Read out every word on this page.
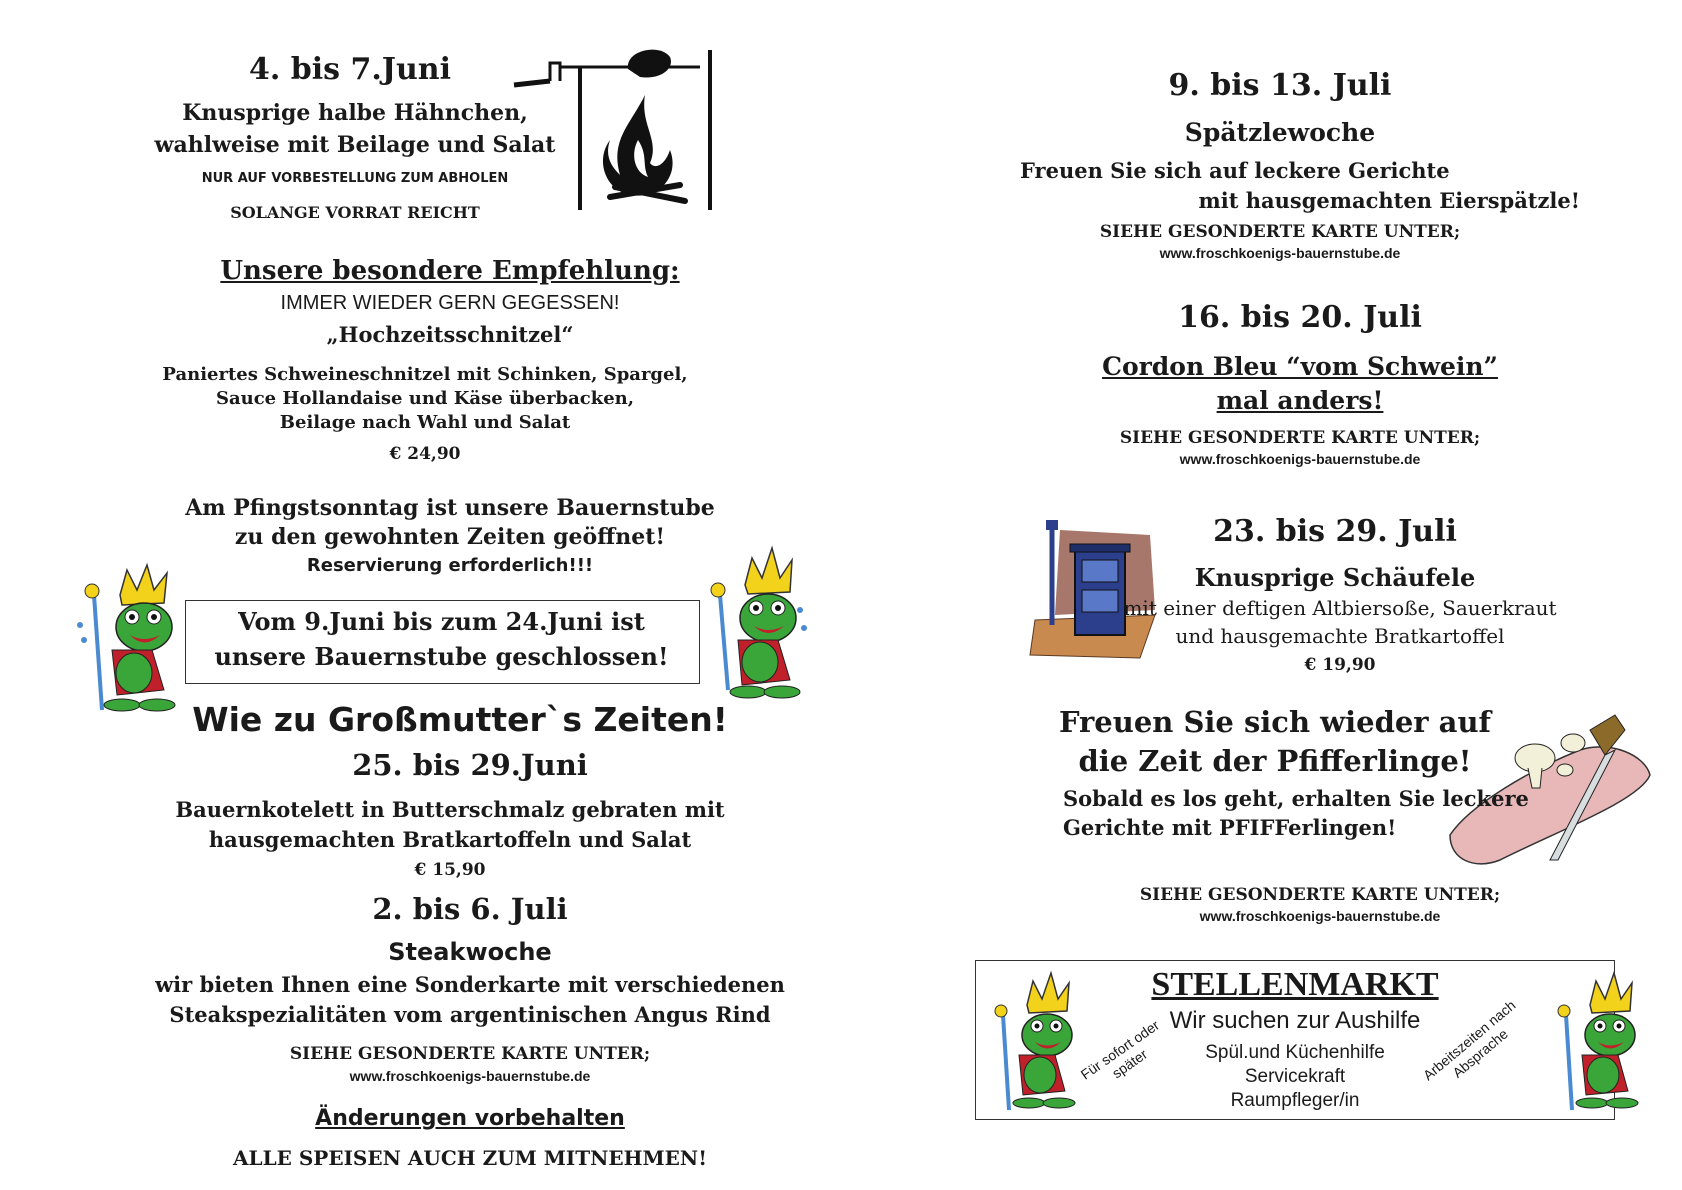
4. bis 7.Juni
Knusprige halbe Hähnchen,
wahlweise mit Beilage und Salat
NUR AUF VORBESTELLUNG ZUM ABHOLEN
SOLANGE VORRAT REICHT
Unsere besondere Empfehlung:
IMMER WIEDER GERN GEGESSEN!
„Hochzeitsschnitzel“
Paniertes Schweineschnitzel mit Schinken, Spargel,
Sauce Hollandaise und Käse überbacken,
Beilage nach Wahl und Salat
€ 24,90
Am Pfingstsonntag ist unsere Bauernstube
zu den gewohnten Zeiten geöffnet!
Reservierung erforderlich!!!
Vom 9.Juni bis zum 24.Juni ist
unsere Bauernstube geschlossen!
Wie zu Großmutter`s Zeiten!
25. bis 29.Juni
Bauernkotelett in Butterschmalz gebraten mit
hausgemachten Bratkartoffeln und Salat
€ 15,90
2. bis 6. Juli
Steakwoche
wir bieten Ihnen eine Sonderkarte mit verschiedenen
Steakspezialitäten vom argentinischen Angus Rind
SIEHE GESONDERTE KARTE UNTER;
www.froschkoenigs-bauernstube.de
Änderungen vorbehalten
ALLE SPEISEN AUCH ZUM MITNEHMEN!
9. bis 13. Juli
Spätzlewoche
Freuen Sie sich auf leckere Gerichte
mit hausgemachten Eierspätzle!
SIEHE GESONDERTE KARTE UNTER;
www.froschkoenigs-bauernstube.de
16. bis 20. Juli
Cordon Bleu “vom Schwein”
mal anders!
SIEHE GESONDERTE KARTE UNTER;
www.froschkoenigs-bauernstube.de
23. bis 29. Juli
Knusprige Schäufele
mit einer deftigen Altbiersoße, Sauerkraut
und hausgemachte Bratkartoffel
€ 19,90
Freuen Sie sich wieder auf
die Zeit der Pfifferlinge!
Sobald es los geht, erhalten Sie leckere
Gerichte mit PFIFFerlingen!
SIEHE GESONDERTE KARTE UNTER;
www.froschkoenigs-bauernstube.de
STELLENMARKT
Wir suchen zur Aushilfe
Spül.und Küchenhilfe
Servicekraft
Raumpfleger/in
Für sofort oder später	Arbeitszeiten nach Absprache
